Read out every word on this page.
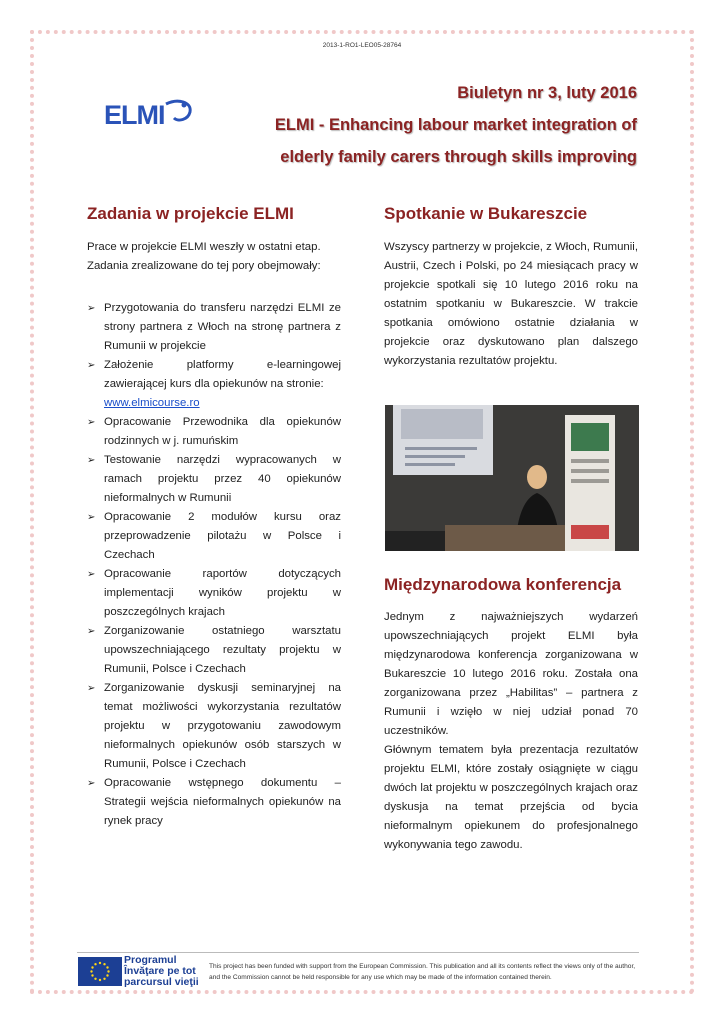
2013-1-RO1-LEO05-28764
ELMI
Biuletyn nr 3, luty 2016
ELMI - Enhancing labour market integration of
elderly family carers through skills improving
Zadania w projekcie ELMI

Prace w projekcie ELMI weszły w ostatni etap. Zadania zrealizowane do tej pory obejmowały:

➢ Przygotowania do transferu narzędzi ELMI ze strony partnera z Włoch na stronę partnera z Rumunii w projekcie
➢ Założenie platformy e-learningowej zawierającej kurs dla opiekunów na stronie:
www.elmicourse.ro
➢ Opracowanie Przewodnika dla opiekunów rodzinnych w j. rumuńskim
➢ Testowanie narzędzi wypracowanych w ramach projektu przez 40 opiekunów nieformalnych w Rumunii
➢ Opracowanie 2 modułów kursu oraz przeprowadzenie pilotażu w Polsce i Czechach
➢ Opracowanie raportów dotyczących implementacji wyników projektu w poszczególnych krajach
➢ Zorganizowanie ostatniego warsztatu upowszechniającego rezultaty projektu w Rumunii, Polsce i Czechach
➢ Zorganizowanie dyskusji seminaryjnej na temat możliwości wykorzystania rezultatów projektu w przygotowaniu zawodowym nieformalnych opiekunów osób starszych w Rumunii, Polsce i Czechach
➢ Opracowanie wstępnego dokumentu – Strategii wejścia nieformalnych opiekunów na rynek pracy
Spotkanie w Bukareszcie

Wszyscy partnerzy w projekcie, z Włoch, Rumunii, Austrii, Czech i Polski, po 24 miesiącach pracy w projekcie spotkali się 10 lutego 2016 roku na ostatnim spotkaniu w Bukareszcie. W trakcie spotkania omówiono ostatnie działania w projekcie oraz dyskutowano plan dalszego wykorzystania rezultatów projektu.

Międzynarodowa konferencja

Jednym z najważniejszych wydarzeń upowszechniających projekt ELMI była międzynarodowa konferencja zorganizowana w Bukareszcie 10 lutego 2016 roku. Została ona zorganizowana przez „Habilitas” – partnera z Rumunii i wzięło w niej udział ponad 70 uczestników.

Głównym tematem była prezentacja rezultatów projektu ELMI, które zostały osiągnięte w ciągu dwóch lat projektu w poszczególnych krajach oraz dyskusja na temat przejścia od bycia nieformalnym opiekunem do profesjonalnego wykonywania tego zawodu.

Programul
Învăţare pe tot
parcursul vieţii
This project has been funded with support from the European Commission. This publication and all its contents reflect the views only of the author, and the Commission cannot be held responsible for any use which may be made of the information contained therein.
